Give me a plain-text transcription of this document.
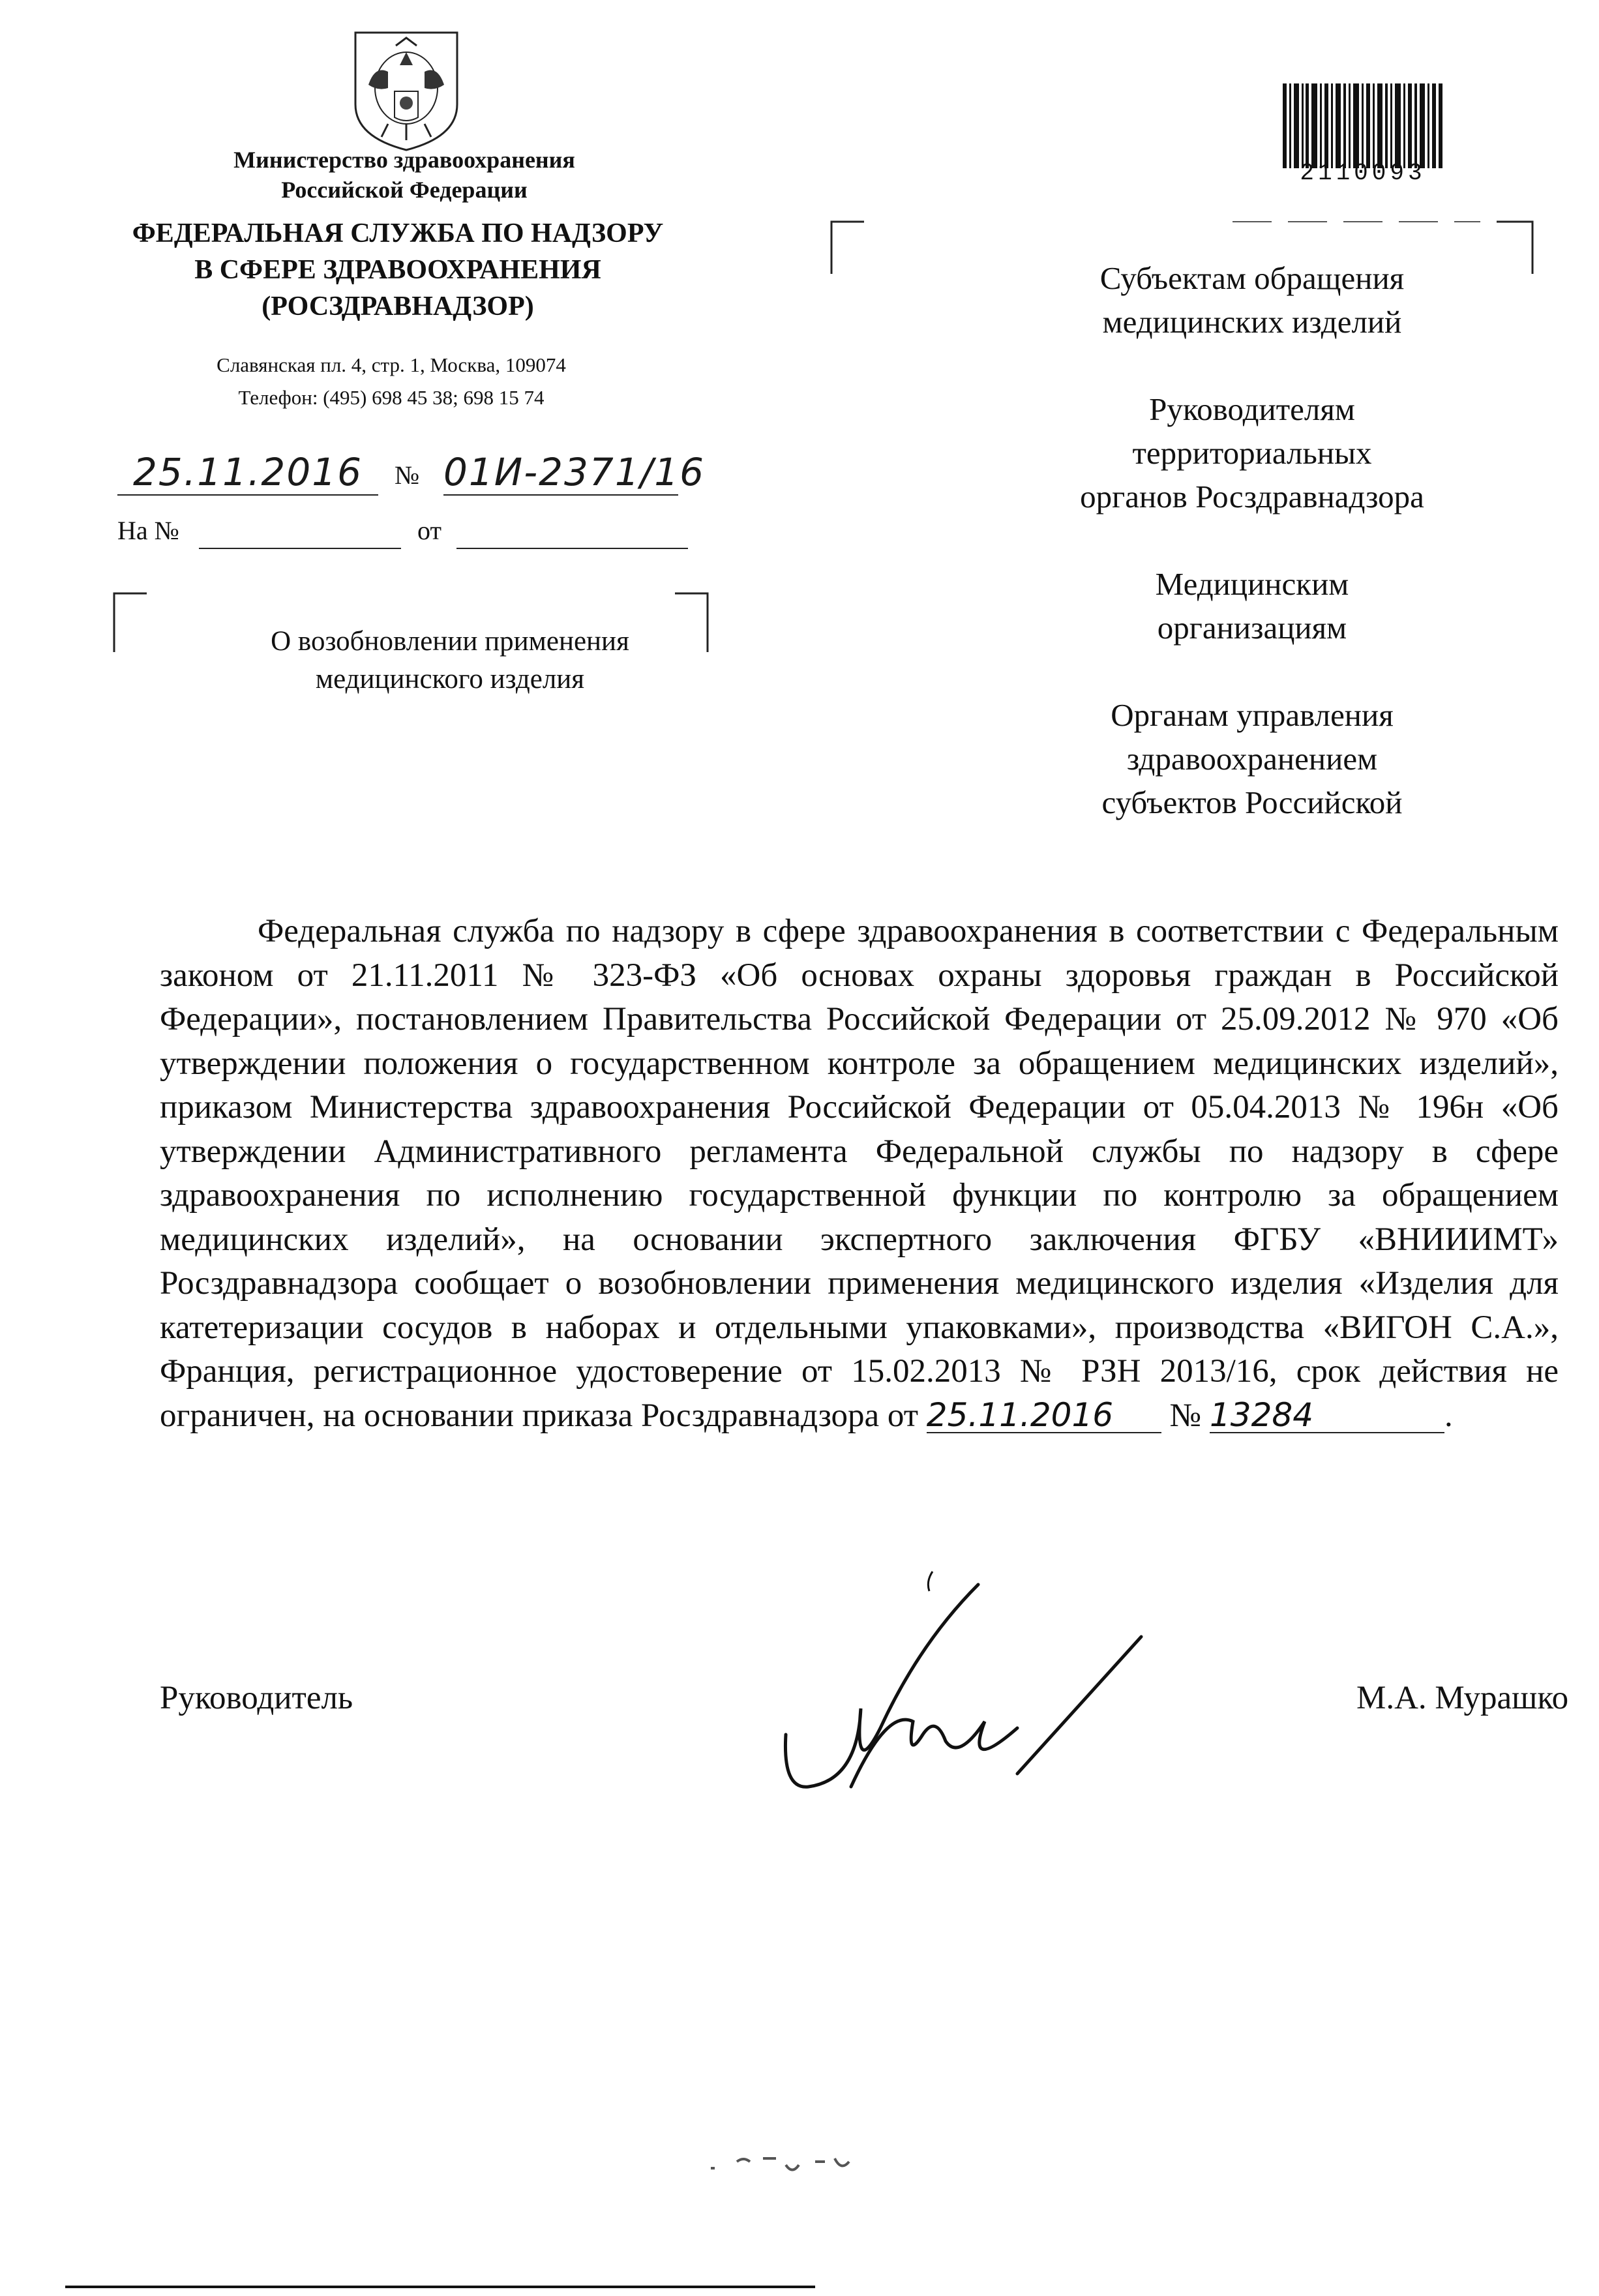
Министерство здравоохранения
Российской Федерации
ФЕДЕРАЛЬНАЯ СЛУЖБА ПО НАДЗОРУ
В СФЕРЕ ЗДРАВООХРАНЕНИЯ
(РОСЗДРАВНАДЗОР)
Славянская пл. 4, стр. 1, Москва, 109074
Телефон: (495) 698 45 38; 698 15 74
25.11.2016	№ 01И-2371/16
На №	от
О возобновлении применения
медицинского изделия
2110093

Субъектам обращения
медицинских изделий

Руководителям
территориальных
органов Росздравнадзора

Медицинским
организациям

Органам управления
здравоохранением
субъектов Российской

Федеральная служба по надзору в сфере здравоохранения в соответствии с Федеральным законом от 21.11.2011 № 323-ФЗ «Об основах охраны здоровья граждан в Российской Федерации», постановлением Правительства Российской Федерации от 25.09.2012 № 970 «Об утверждении положения о государственном контроле за обращением медицинских изделий», приказом Министерства здравоохранения Российской Федерации от 05.04.2013 № 196н «Об утверждении Административного регламента Федеральной службы по надзору в сфере здравоохранения по исполнению государственной функции по контролю за обращением медицинских изделий», на основании экспертного заключения ФГБУ «ВНИИИМТ» Росздравнадзора сообщает о возобновлении применения медицинского изделия «Изделия для катетеризации сосудов в наборах и отдельными упаковками», производства «ВИГОН С.А.», Франция, регистрационное удостоверение от 15.02.2013 № РЗН 2013/16, срок действия не ограничен, на основании приказа Росздравнадзора от 25.11.2016 № 13284	.

Руководитель	М.А. Мурашко
